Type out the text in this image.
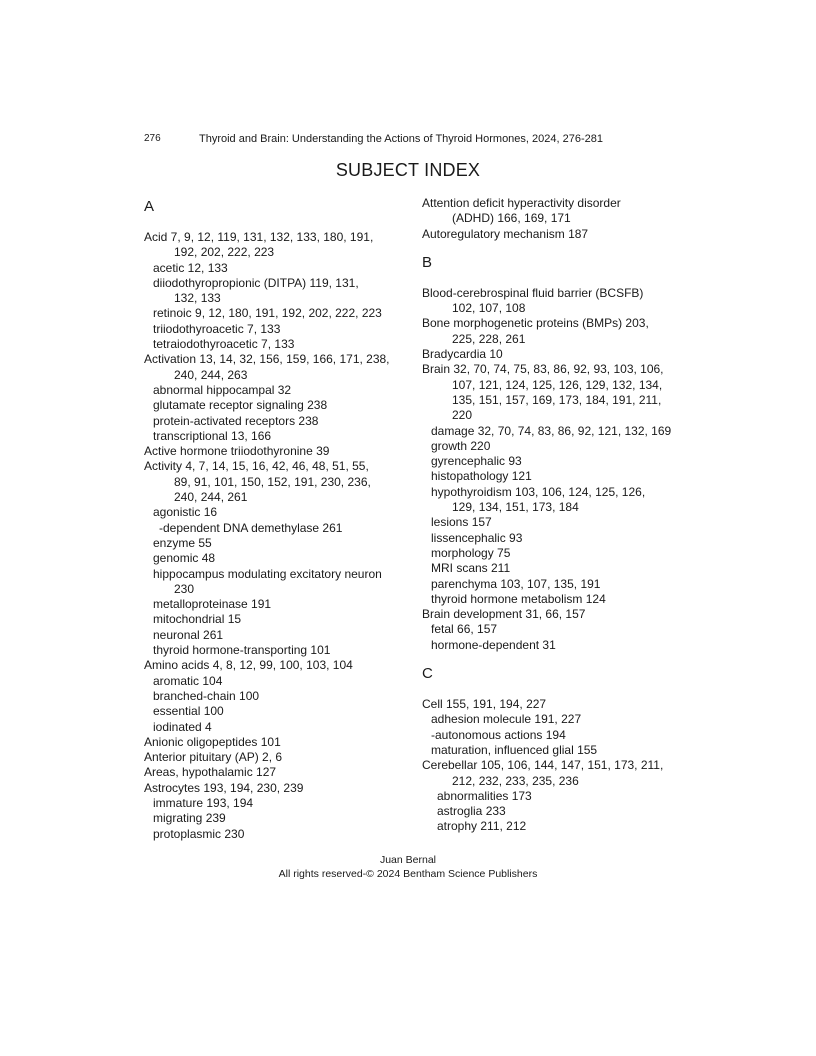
276	Thyroid and Brain: Understanding the Actions of Thyroid Hormones, 2024, 276-281
SUBJECT INDEX
A
Acid 7, 9, 12, 119, 131, 132, 133, 180, 191,
192, 202, 222, 223
acetic 12, 133
diiodothyropropionic (DITPA) 119, 131,
132, 133
retinoic 9, 12, 180, 191, 192, 202, 222, 223
triiodothyroacetic 7, 133
tetraiodothyroacetic 7, 133
Activation 13, 14, 32, 156, 159, 166, 171, 238,
240, 244, 263
abnormal hippocampal 32
glutamate receptor signaling 238
protein-activated receptors 238
transcriptional 13, 166
Active hormone triiodothyronine 39
Activity 4, 7, 14, 15, 16, 42, 46, 48, 51, 55,
89, 91, 101, 150, 152, 191, 230, 236,
240, 244, 261
agonistic 16
-dependent DNA demethylase 261
enzyme 55
genomic 48
hippocampus modulating excitatory neuron
230
metalloproteinase 191
mitochondrial 15
neuronal 261
thyroid hormone-transporting 101
Amino acids 4, 8, 12, 99, 100, 103, 104
aromatic 104
branched-chain 100
essential 100
iodinated 4
Anionic oligopeptides 101
Anterior pituitary (AP) 2, 6
Areas, hypothalamic 127
Astrocytes 193, 194, 230, 239
immature 193, 194
migrating 239
protoplasmic 230
Attention deficit hyperactivity disorder
(ADHD) 166, 169, 171
Autoregulatory mechanism 187
B
Blood-cerebrospinal fluid barrier (BCSFB)
102, 107, 108
Bone morphogenetic proteins (BMPs) 203,
225, 228, 261
Bradycardia 10
Brain 32, 70, 74, 75, 83, 86, 92, 93, 103, 106,
107, 121, 124, 125, 126, 129, 132, 134,
135, 151, 157, 169, 173, 184, 191, 211,
220
damage 32, 70, 74, 83, 86, 92, 121, 132, 169
growth 220
gyrencephalic 93
histopathology 121
hypothyroidism 103, 106, 124, 125, 126,
129, 134, 151, 173, 184
lesions 157
lissencephalic 93
morphology 75
MRI scans 211
parenchyma 103, 107, 135, 191
thyroid hormone metabolism 124
Brain development 31, 66, 157
fetal 66, 157
hormone-dependent 31
C
Cell 155, 191, 194, 227
adhesion molecule 191, 227
-autonomous actions 194
maturation, influenced glial 155
Cerebellar 105, 106, 144, 147, 151, 173, 211,
212, 232, 233, 235, 236
abnormalities 173
astroglia 233
atrophy 211, 212
Juan Bernal
All rights reserved-© 2024 Bentham Science Publishers
